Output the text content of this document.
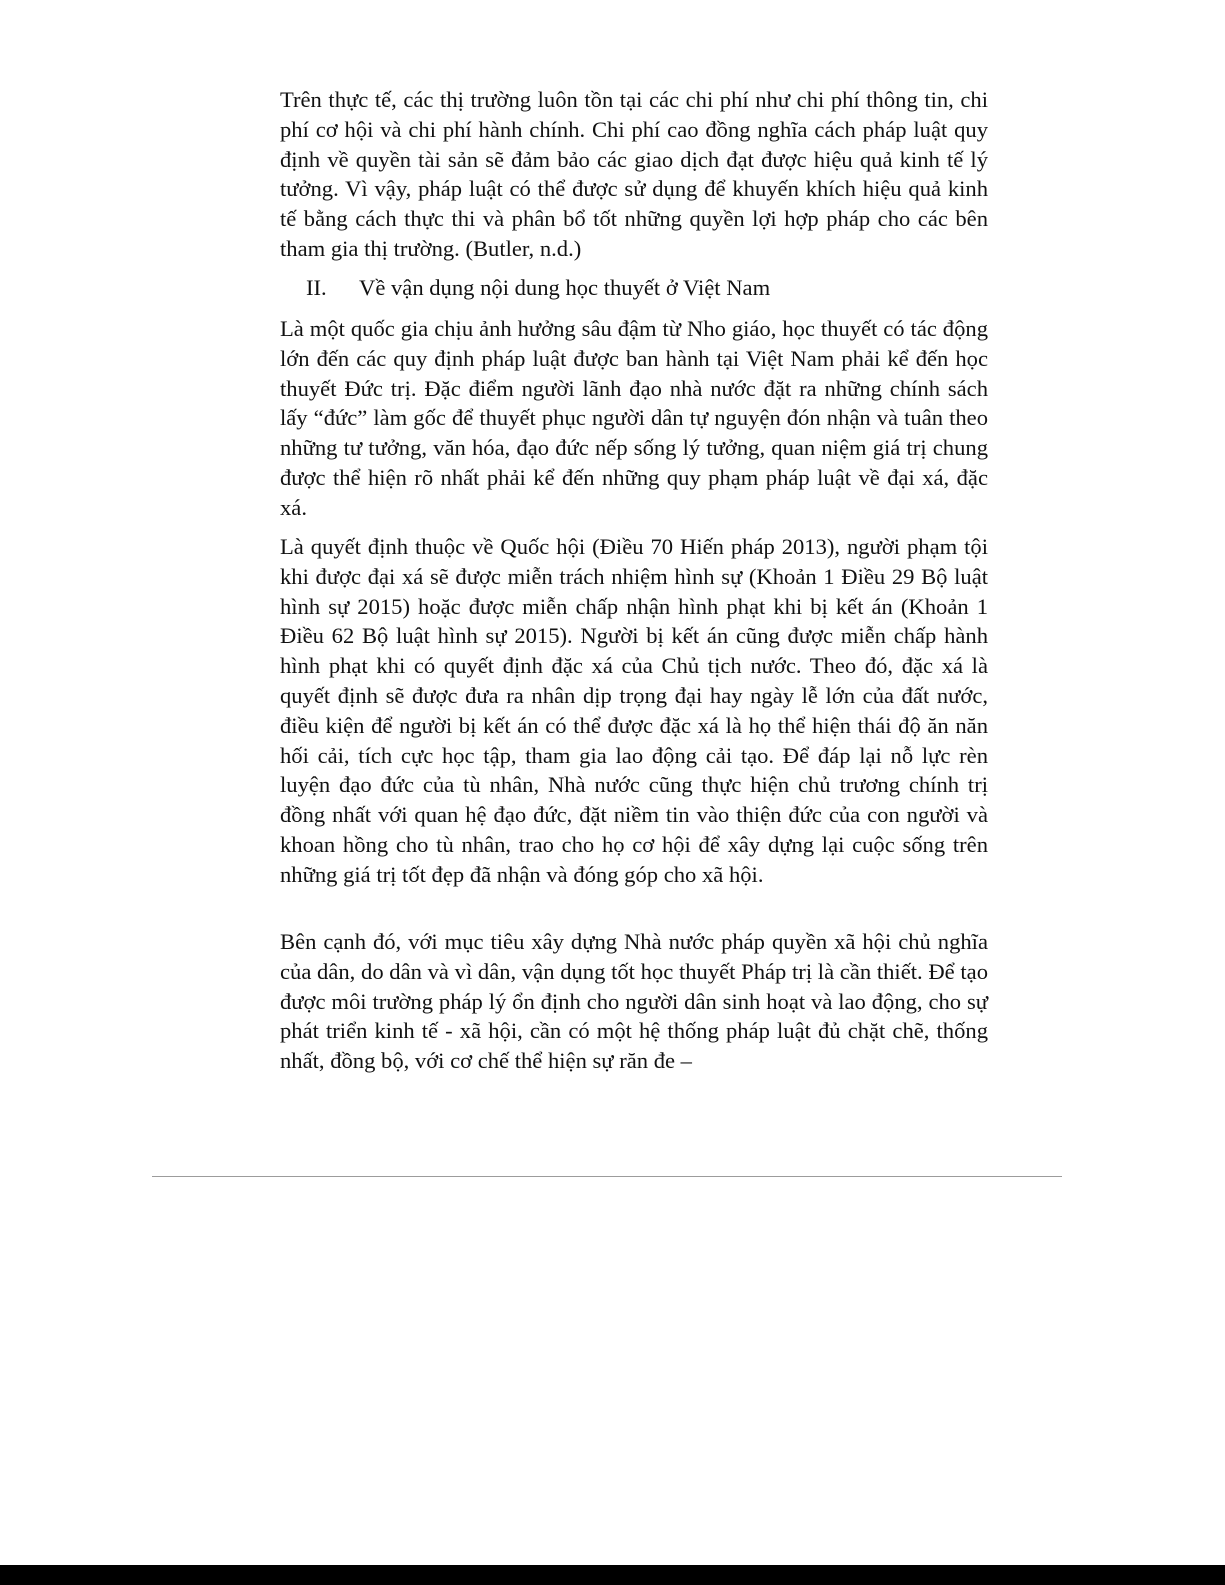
Trên thực tế, các thị trường luôn tồn tại các chi phí như chi phí thông tin, chi phí cơ hội và chi phí hành chính. Chi phí cao đồng nghĩa cách pháp luật quy định về quyền tài sản sẽ đảm bảo các giao dịch đạt được hiệu quả kinh tế lý tưởng. Vì vậy, pháp luật có thể được sử dụng để khuyến khích hiệu quả kinh tế bằng cách thực thi và phân bổ tốt những quyền lợi hợp pháp cho các bên tham gia thị trường. (Butler, n.d.)

II. Về vận dụng nội dung học thuyết ở Việt Nam

Là một quốc gia chịu ảnh hưởng sâu đậm từ Nho giáo, học thuyết có tác động lớn đến các quy định pháp luật được ban hành tại Việt Nam phải kể đến học thuyết Đức trị. Đặc điểm người lãnh đạo nhà nước đặt ra những chính sách lấy “đức” làm gốc để thuyết phục người dân tự nguyện đón nhận và tuân theo những tư tưởng, văn hóa, đạo đức nếp sống lý tưởng, quan niệm giá trị chung được thể hiện rõ nhất phải kể đến những quy phạm pháp luật về đại xá, đặc xá.

Là quyết định thuộc về Quốc hội (Điều 70 Hiến pháp 2013), người phạm tội khi được đại xá sẽ được miễn trách nhiệm hình sự (Khoản 1 Điều 29 Bộ luật hình sự 2015) hoặc được miễn chấp nhận hình phạt khi bị kết án (Khoản 1 Điều 62 Bộ luật hình sự 2015). Người bị kết án cũng được miễn chấp hành hình phạt khi có quyết định đặc xá của Chủ tịch nước. Theo đó, đặc xá là quyết định sẽ được đưa ra nhân dịp trọng đại hay ngày lễ lớn của đất nước, điều kiện để người bị kết án có thể được đặc xá là họ thể hiện thái độ ăn năn hối cải, tích cực học tập, tham gia lao động cải tạo. Để đáp lại nỗ lực rèn luyện đạo đức của tù nhân, Nhà nước cũng thực hiện chủ trương chính trị đồng nhất với quan hệ đạo đức, đặt niềm tin vào thiện đức của con người và khoan hồng cho tù nhân, trao cho họ cơ hội để xây dựng lại cuộc sống trên những giá trị tốt đẹp đã nhận và đóng góp cho xã hội.

Bên cạnh đó, với mục tiêu xây dựng Nhà nước pháp quyền xã hội chủ nghĩa của dân, do dân và vì dân, vận dụng tốt học thuyết Pháp trị là cần thiết. Để tạo được môi trường pháp lý ổn định cho người dân sinh hoạt và lao động, cho sự phát triển kinh tế - xã hội, cần có một hệ thống pháp luật đủ chặt chẽ, thống nhất, đồng bộ, với cơ chế thể hiện sự răn đe –
